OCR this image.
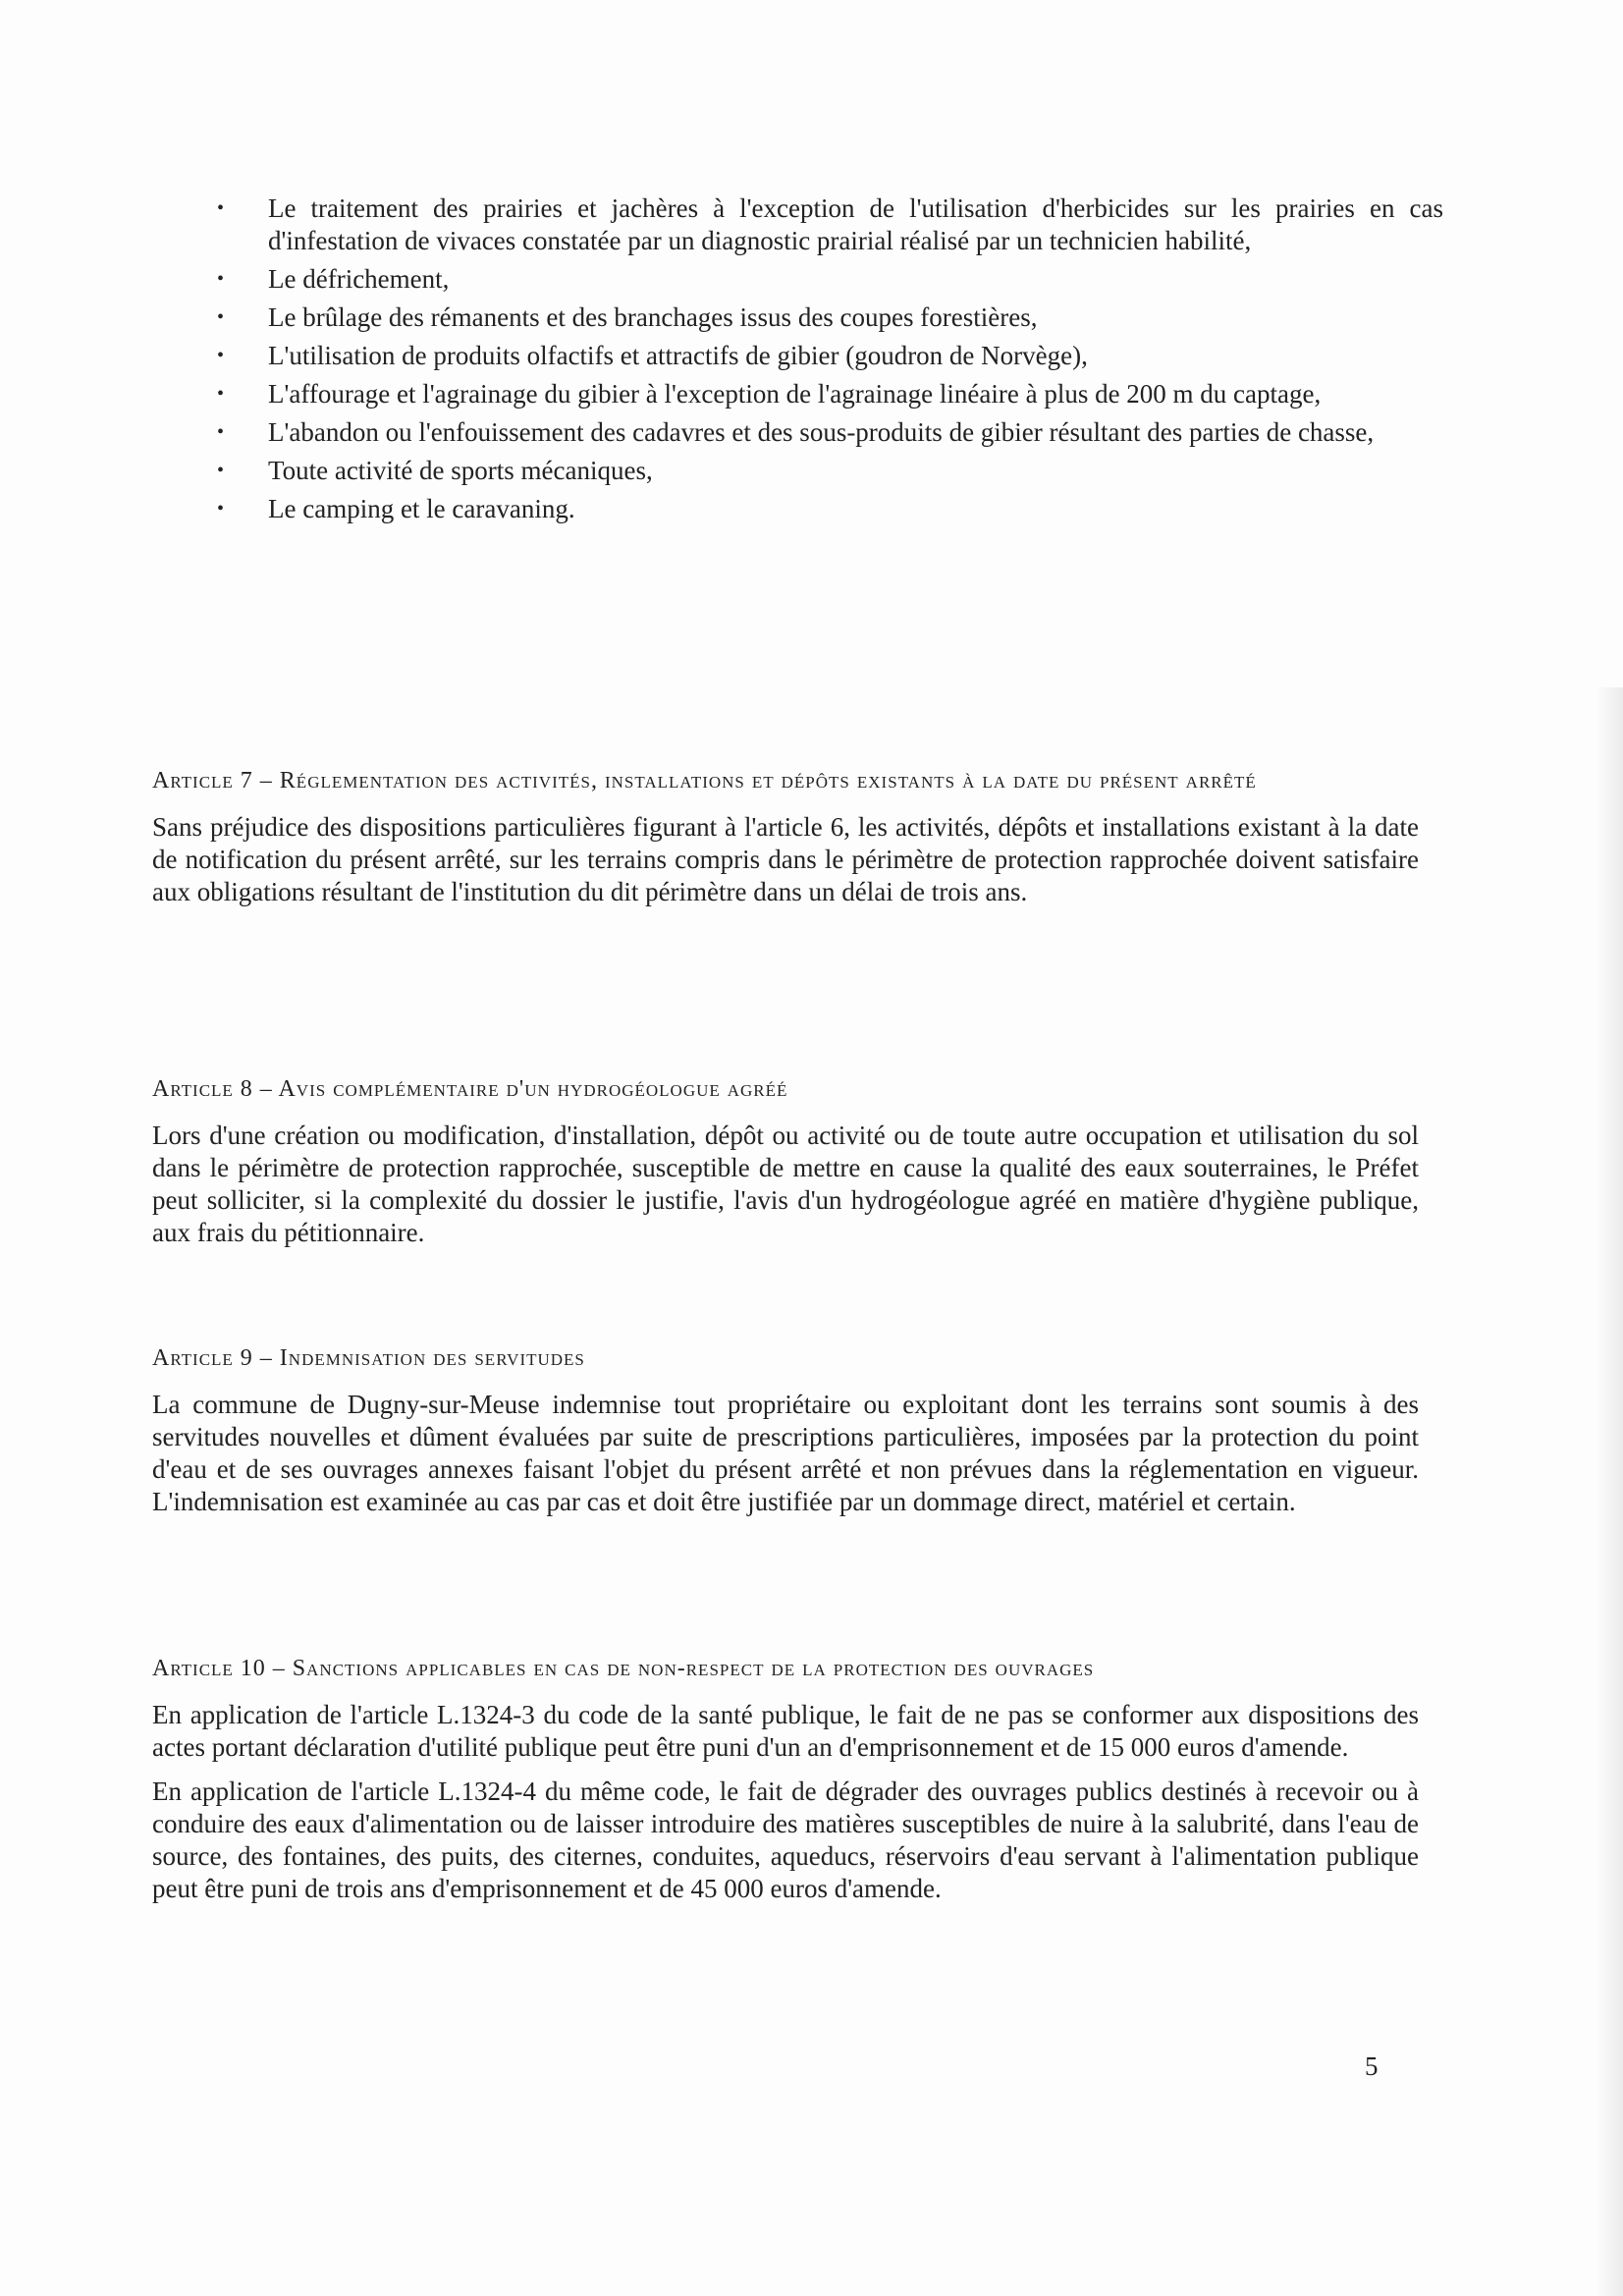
• Le traitement des prairies et jachères à l'exception de l'utilisation d'herbicides sur les prairies en cas d'infestation de vivaces constatée par un diagnostic prairial réalisé par un technicien habilité,
• Le défrichement,
• Le brûlage des rémanents et des branchages issus des coupes forestières,
• L'utilisation de produits olfactifs et attractifs de gibier (goudron de Norvège),
• L'affourage et l'agrainage du gibier à l'exception de l'agrainage linéaire à plus de 200 m du captage,
• L'abandon ou l'enfouissement des cadavres et des sous-produits de gibier résultant des parties de chasse,
• Toute activité de sports mécaniques,
• Le camping et le caravaning.
Article 7 – Réglementation des activités, installations et dépôts existants à la date du présent arrêté

Sans préjudice des dispositions particulières figurant à l'article 6, les activités, dépôts et installations existant à la date de notification du présent arrêté, sur les terrains compris dans le périmètre de protection rapprochée doivent satisfaire aux obligations résultant de l'institution du dit périmètre dans un délai de trois ans.

Article 8 – Avis complémentaire d'un hydrogéologue agréé

Lors d'une création ou modification, d'installation, dépôt ou activité ou de toute autre occupation et utilisation du sol dans le périmètre de protection rapprochée, susceptible de mettre en cause la qualité des eaux souterraines, le Préfet peut solliciter, si la complexité du dossier le justifie, l'avis d'un hydrogéologue agréé en matière d'hygiène publique, aux frais du pétitionnaire.

Article 9 – Indemnisation des servitudes

La commune de Dugny-sur-Meuse indemnise tout propriétaire ou exploitant dont les terrains sont soumis à des servitudes nouvelles et dûment évaluées par suite de prescriptions particulières, imposées par la protection du point d'eau et de ses ouvrages annexes faisant l'objet du présent arrêté et non prévues dans la réglementation en vigueur. L'indemnisation est examinée au cas par cas et doit être justifiée par un dommage direct, matériel et certain.

Article 10 – Sanctions applicables en cas de non-respect de la protection des ouvrages

En application de l'article L.1324-3 du code de la santé publique, le fait de ne pas se conformer aux dispositions des actes portant déclaration d'utilité publique peut être puni d'un an d'emprisonnement et de 15 000 euros d'amende.

En application de l'article L.1324-4 du même code, le fait de dégrader des ouvrages publics destinés à recevoir ou à conduire des eaux d'alimentation ou de laisser introduire des matières susceptibles de nuire à la salubrité, dans l'eau de source, des fontaines, des puits, des citernes, conduites, aqueducs, réservoirs d'eau servant à l'alimentation publique peut être puni de trois ans d'emprisonnement et de 45 000 euros d'amende.

5
